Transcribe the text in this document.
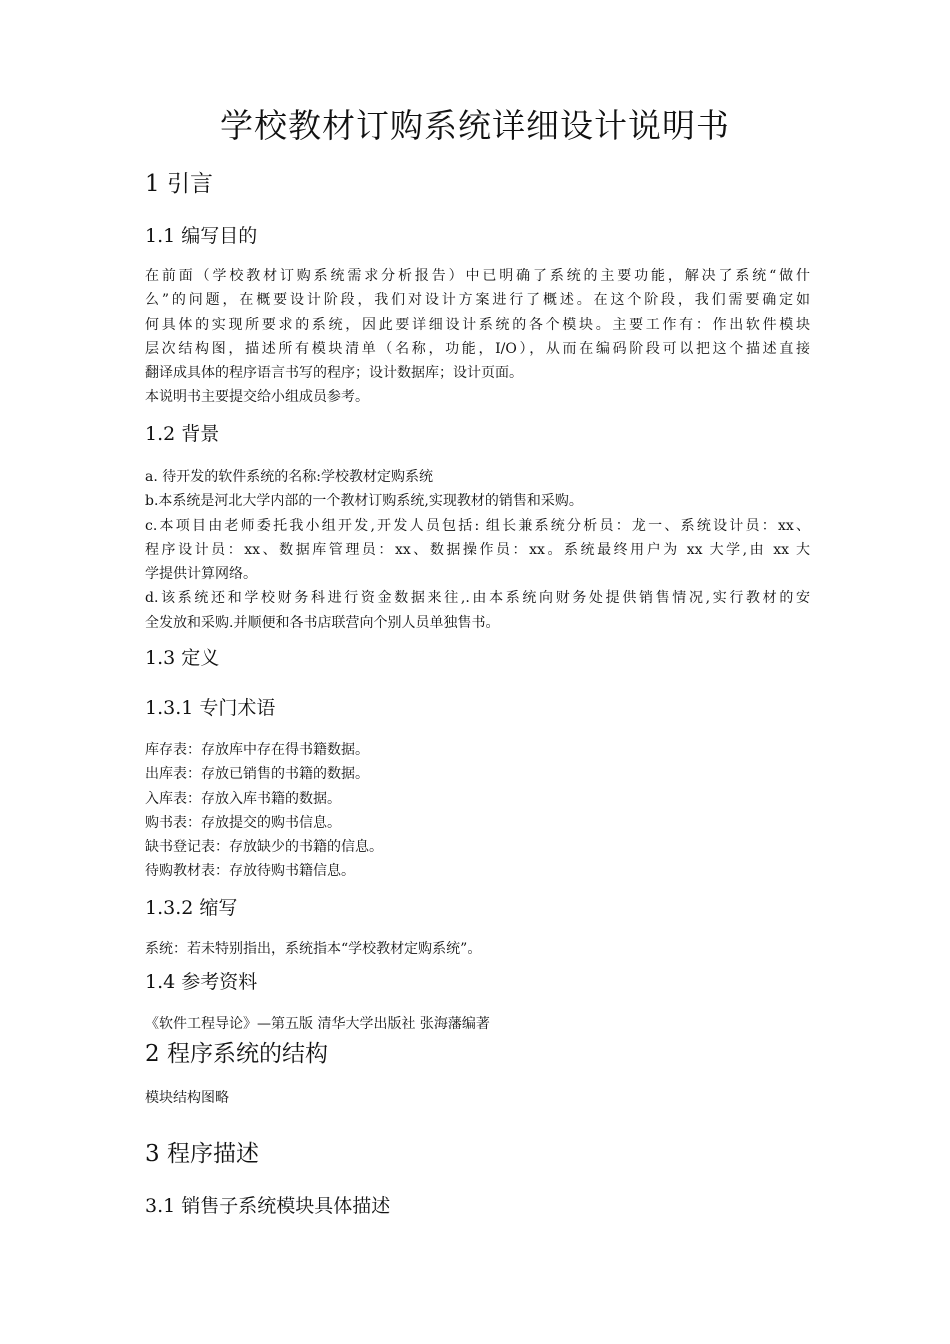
学校教材订购系统详细设计说明书
1 引言
1.1 编写目的
在前面（学校教材订购系统需求分析报告）中已明确了系统的主要功能，解决了系统“做什
么”的问题，在概要设计阶段，我们对设计方案进行了概述。在这个阶段，我们需要确定如
何具体的实现所要求的系统，因此要详细设计系统的各个模块。主要工作有：作出软件模块
层次结构图，描述所有模块清单（名称，功能，I/O），从而在编码阶段可以把这个描述直接
翻译成具体的程序语言书写的程序；设计数据库；设计页面。
本说明书主要提交给小组成员参考。
1.2 背景
a. 待开发的软件系统的名称:学校教材定购系统
b.本系统是河北大学内部的一个教材订购系统,实现教材的销售和采购。
c.本项目由老师委托我小组开发,开发人员包括: 组长兼系统分析员：龙一、系统设计员：xx、
程序设计员：xx、数据库管理员：xx、数据操作员：xx。系统最终用户为 xx 大学,由 xx 大
学提供计算网络。
d.该系统还和学校财务科进行资金数据来往,.由本系统向财务处提供销售情况,实行教材的安
全发放和采购.并顺便和各书店联营向个别人员单独售书。
1.3 定义
1.3.1 专门术语
库存表：存放库中存在得书籍数据。
出库表：存放已销售的书籍的数据。
入库表：存放入库书籍的数据。
购书表：存放提交的购书信息。
缺书登记表：存放缺少的书籍的信息。
待购教材表：存放待购书籍信息。
1.3.2 缩写
系统：若未特别指出，系统指本“学校教材定购系统”。
1.4 参考资料
《软件工程导论》—第五版 清华大学出版社 张海藩编著
2 程序系统的结构
模块结构图略
3 程序描述
3.1 销售子系统模块具体描述
